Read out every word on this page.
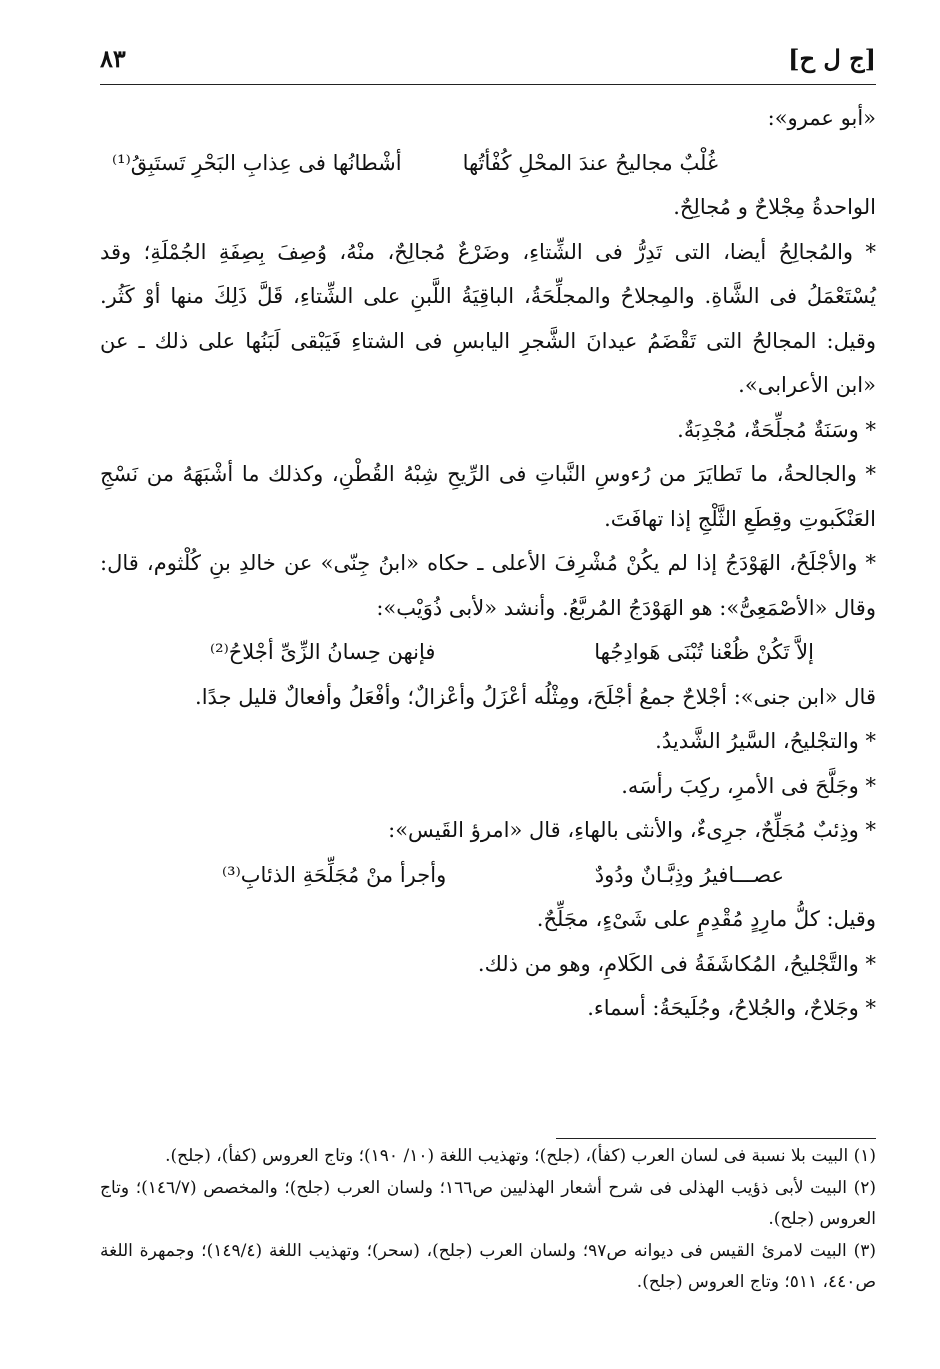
[ج ل ح]
٨٣

«أبو عمرو»:

غُلْبٌ مجاليحُ عندَ المحْلِ كُفْأتُها
أشْطانُها فى عِذابِ البَحْرِ تَستَبِقُ⁽¹⁾

الواحدةُ مِجْلاحٌ و مُجالِحٌ.

* والمُجالِحُ أيضا، التى تَدِرُّ فى الشِّتاءِ، وضَرْعٌ مُجالِحٌ، منْهُ، وُصِفَ بِصِفَةِ الجُمْلَةِ؛ وقد يُسْتَعْمَلُ فى الشَّاةِ. والمِجلاحُ والمجلِّحَةُ، الباقِيَةُ اللَّبنِ على الشِّتاءِ، قَلَّ ذَلِكَ منها أوْ كَثُر. وقيل: المجالحُ التى تَقْضَمُ عيدانَ الشَّجرِ اليابسِ فى الشتاءِ فَيَبْقى لَبَنُها على ذلك ـ عن «ابن الأعرابى».

* وسَنَةٌ مُجلِّحَةٌ، مُجْدِبَةٌ.

* والجالحةُ، ما تَطايَرَ من رُءوسِ النَّباتِ فى الرِّيحِ شِبْهُ القُطْنِ، وكذلك ما أشْبَهَهُ من نَسْجِ العَنْكَبوتِ وقِطَعِ الثَّلْجِ إذا تهافَتَ.

* والأجْلَحُ، الهَوْدَجُ إذا لم يكُنْ مُشْرِفَ الأعلى ـ حكاه «ابنُ جِنّى» عن خالدِ بنِ كُلْثوم، قال: وقال «الأصْمَعِىُّ»: هو الهَوْدَجُ المُربَّعُ. وأنشد «لأبى ذُوَيْب»:

إلاَّ تَكُنْ ظُعْنا تُبْنَى هَوادِجُها
فإنهن حِسانُ الزِّىِّ أجْلاحُ⁽²⁾

قال «ابن جنى»: أجْلاحٌ جمعُ أجْلَحَ، ومِثْلُه أعْزَلُ وأعْزالٌ؛ وأفْعَلُ وأفعالٌ قليل جدًا.

* والتجْليحُ، السَّيرُ الشَّديدُ.

* وجَلَّحَ فى الأمرِ، ركِبَ رأسَه.

* وذِئبٌ مُجَلِّحٌ، جرِىءٌ، والأنثى بالهاءِ، قال «امرؤ القَيس»:

عصـــافيرُ وذِبَّـانٌ ودُودٌ
وأجرأ منْ مُجَلِّحَةِ الذئابِ⁽³⁾

وقيل: كلُّ مارِدٍ مُقْدِمٍ على شَىْءٍ، مجَلِّحٌ.

* والتَّجْليحُ، المُكاشَفَةُ فى الكَلامِ، وهو من ذلك.

* وجَلاحٌ، والجُلاحُ، وجُلَيحَةُ: أسماء.

(١) البيت بلا نسبة فى لسان العرب (كفأ)، (جلح)؛ وتهذيب اللغة (١٠/ ١٩٠)؛ وتاج العروس (كفأ)، (جلح).

(٢) البيت لأبى ذؤيب الهذلى فى شرح أشعار الهذليين ص١٦٦؛ ولسان العرب (جلح)؛ والمخصص (١٤٦/٧)؛ وتاج العروس (جلح).

(٣) البيت لامرئ القيس فى ديوانه ص٩٧؛ ولسان العرب (جلح)، (سحر)؛ وتهذيب اللغة (١٤٩/٤)؛ وجمهرة اللغة ص٤٤٠، ٥١١؛ وتاج العروس (جلح).
